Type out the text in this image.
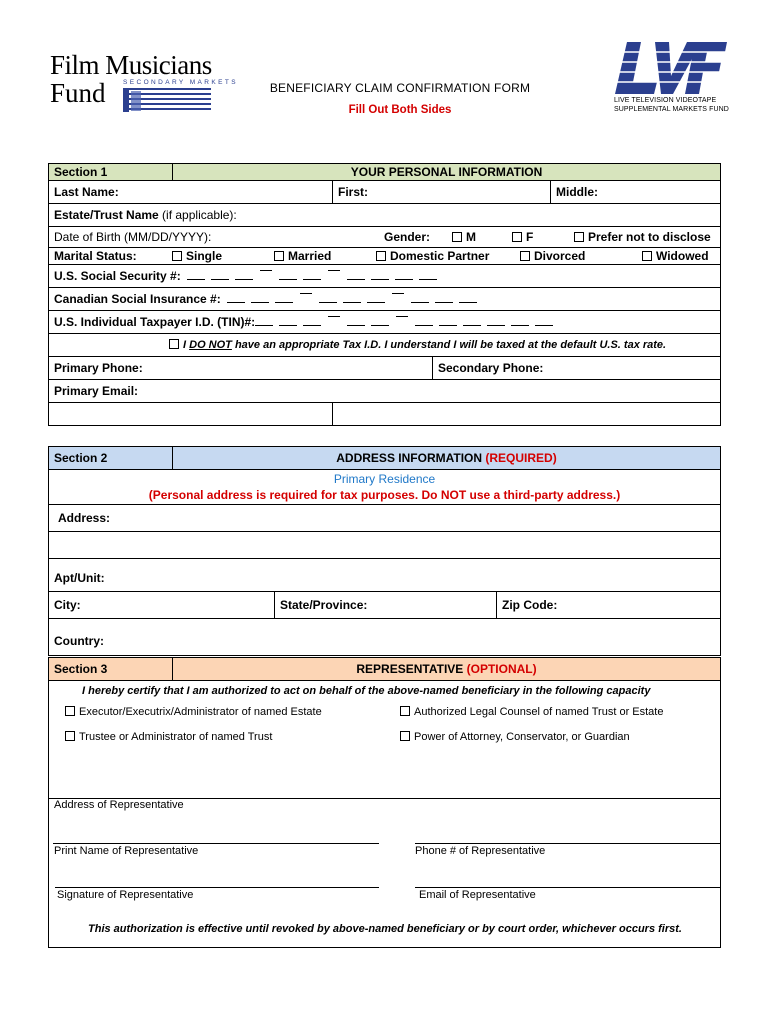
Film Musicians
Fund	SECONDARY MARKETS	BENEFICIARY CLAIM CONFIRMATION FORM
Fill Out Both Sides
LIVE TELEVISION VIDEOTAPE
SUPPLEMENTAL MARKETS FUND
Section 1	YOUR PERSONAL INFORMATION			
Last Name:		First:		Middle:
Estate/Trust Name (if applicable):				
Date of Birth (MM/DD/YYYY): Gender: M F Prefer not to disclose				
Marital Status: Single Married Domestic Partner Divorced Widowed				
U.S. Social Security #:				
Canadian Social Insurance #:				
U.S. Individual Taxpayer I.D. (TIN)#:				
I DO NOT have an appropriate Tax I.D. I understand I will be taxed at the default U.S. tax rate.				
Primary Phone:			Secondary Phone:	
Primary Email:				

Section 2	ADDRESS INFORMATION (REQUIRED)		

Primary Residence
(Personal address is required for tax purposes. Do NOT use a third-party address.)			

Address:			

Apt/Unit:			
City:		State/Province:	Zip Code:
Country:			
Section 3	REPRESENTATIVE (OPTIONAL)

I hereby certify that I am authorized to act on behalf of the above-named beneficiary in the following capacity
Executor/Executrix/Administrator of named Estate	Authorized Legal Counsel of named Trust or Estate
Trustee or Administrator of named Trust	Power of Attorney, Conservator, or Guardian

Address of Representative
Print Name of Representative	Phone # of Representative
Signature of Representative	Email of Representative
This authorization is effective until revoked by above-named beneficiary or by court order, whichever occurs first.
